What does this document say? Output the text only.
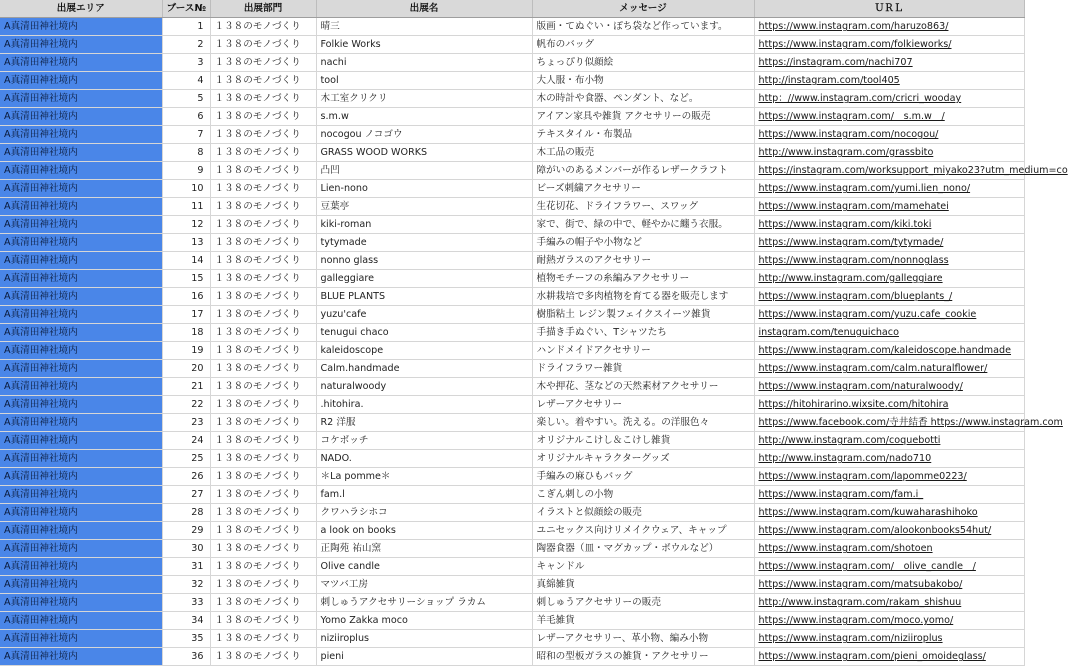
出展エリア	ブース№	出展部門	出展名	メッセージ	ＵＲＬ
A真清田神社境内	1	１３８のモノづくり	晴三	版画・てぬぐい・ぽち袋など作っています。	https://www.instagram.com/haruzo863/
A真清田神社境内	2	１３８のモノづくり	Folkie Works	帆布のバッグ	https://www.instagram.com/folkieworks/
A真清田神社境内	3	１３８のモノづくり	nachi	ちょっぴり似顔絵	https://instagram.com/nachi707
A真清田神社境内	4	１３８のモノづくり	tool	大人服・布小物	http://instagram.com/tool405
A真清田神社境内	5	１３８のモノづくり	木工室クリクリ	木の時計や食器、ペンダント、など。	http：//www.instagram.com/cricri_wooday
A真清田神社境内	6	１３８のモノづくり	s.m.w	アイアン家具や雑貨 アクセサリーの販売	https://www.instagram.com/　s.m.w　/
A真清田神社境内	7	１３８のモノづくり	nocogou ノコゴウ	テキスタイル・布製品	https://www.instagram.com/nocogou/
A真清田神社境内	8	１３８のモノづくり	GRASS WOOD WORKS	木工品の販売	http://www.instagram.com/grassbito
A真清田神社境内	9	１３８のモノづくり	凸凹	障がいのあるメンバーが作るレザークラフト	https://instagram.com/worksupport_miyako23?utm_medium=co
A真清田神社境内	10	１３８のモノづくり	Lien-nono	ビーズ刺繍アクセサリー	https://www.instagram.com/yumi.lien_nono/
A真清田神社境内	11	１３８のモノづくり	豆葉亭	生花切花、ドライフラワー、スワッグ	https://www.instagram.com/mamehatei
A真清田神社境内	12	１３８のモノづくり	kiki-roman	家で、街で、緑の中で、軽やかに纏う衣服。	https://www.instagram.com/kiki.toki
A真清田神社境内	13	１３８のモノづくり	tytymade	手編みの帽子や小物など	https://www.instagram.com/tytymade/
A真清田神社境内	14	１３８のモノづくり	nonno glass	耐熱ガラスのアクセサリー	https://www.instagram.com/nonnoglass
A真清田神社境内	15	１３８のモノづくり	galleggiare	植物モチーフの糸編みアクセサリー	http://www.instagram.com/galleggiare
A真清田神社境内	16	１３８のモノづくり	BLUE PLANTS	水耕栽培で多肉植物を育てる器を販売します	https://www.instagram.com/blueplants_/
A真清田神社境内	17	１３８のモノづくり	yuzu'cafe	樹脂粘土 レジン製フェイクスイーツ雑貨	https://www.instagram.com/yuzu.cafe_cookie
A真清田神社境内	18	１３８のモノづくり	tenugui chaco	手描き手ぬぐい、Tシャツたち	instagram.com/tenuguichaco
A真清田神社境内	19	１３８のモノづくり	kaleidoscope	ハンドメイドアクセサリー	https://www.instagram.com/kaleidoscope.handmade
A真清田神社境内	20	１３８のモノづくり	Calm.handmade	ドライフラワー雑貨	https://www.instagram.com/calm.naturalflower/
A真清田神社境内	21	１３８のモノづくり	naturalwoody	木や押花、茎などの天然素材アクセサリー	https://www.instagram.com/naturalwoody/
A真清田神社境内	22	１３８のモノづくり	.hitohira.	レザーアクセサリー	https://hitohirarino.wixsite.com/hitohira
A真清田神社境内	23	１３８のモノづくり	R2 洋服	楽しい。着やすい。洗える。の洋服色々	https://www.facebook.com/寺井結香 https://www.instagram.com
A真清田神社境内	24	１３８のモノづくり	コケボッチ	オリジナルこけし＆こけし雑貨	http://www.instagram.com/coquebotti
A真清田神社境内	25	１３８のモノづくり	NADO.	オリジナルキャラクターグッズ	http://www.instagram.com/nado710
A真清田神社境内	26	１３８のモノづくり	＊La pomme＊	手編みの麻ひもバッグ	https://www.instagram.com/lapomme0223/
A真清田神社境内	27	１３８のモノづくり	fam.l	こぎん刺しの小物	https://www.instagram.com/fam.i_
A真清田神社境内	28	１３８のモノづくり	クワハラシホコ	イラストと似顔絵の販売	https://www.instagram.com/kuwaharashihoko
A真清田神社境内	29	１３８のモノづくり	a look on books	ユニセックス向けリメイクウェア、キャップ	https://www.instagram.com/alookonbooks54hut/
A真清田神社境内	30	１３８のモノづくり	正陶苑 祐山窯	陶器食器（皿・マグカップ・ボウルなど）	https://www.instagram.com/shotoen
A真清田神社境内	31	１３８のモノづくり	Olive candle	キャンドル	https://www.instagram.com/　olive_candle　/
A真清田神社境内	32	１３８のモノづくり	マツバ工房	真綿雑貨	https://www.instagram.com/matsubakobo/
A真清田神社境内	33	１３８のモノづくり	刺しゅうアクセサリーショップ ラカム	刺しゅうアクセサリーの販売	http://www.instagram.com/rakam_shishuu
A真清田神社境内	34	１３８のモノづくり	Yomo Zakka moco	羊毛雑貨	https://www.instagram.com/moco.yomo/
A真清田神社境内	35	１３８のモノづくり	niziiroplus	レザーアクセサリー、革小物、編み小物	https://www.instagram.com/niziiroplus
A真清田神社境内	36	１３８のモノづくり	pieni	昭和の型板ガラスの雑貨・アクセサリー	https://www.instagram.com/pieni_omoideglass/
